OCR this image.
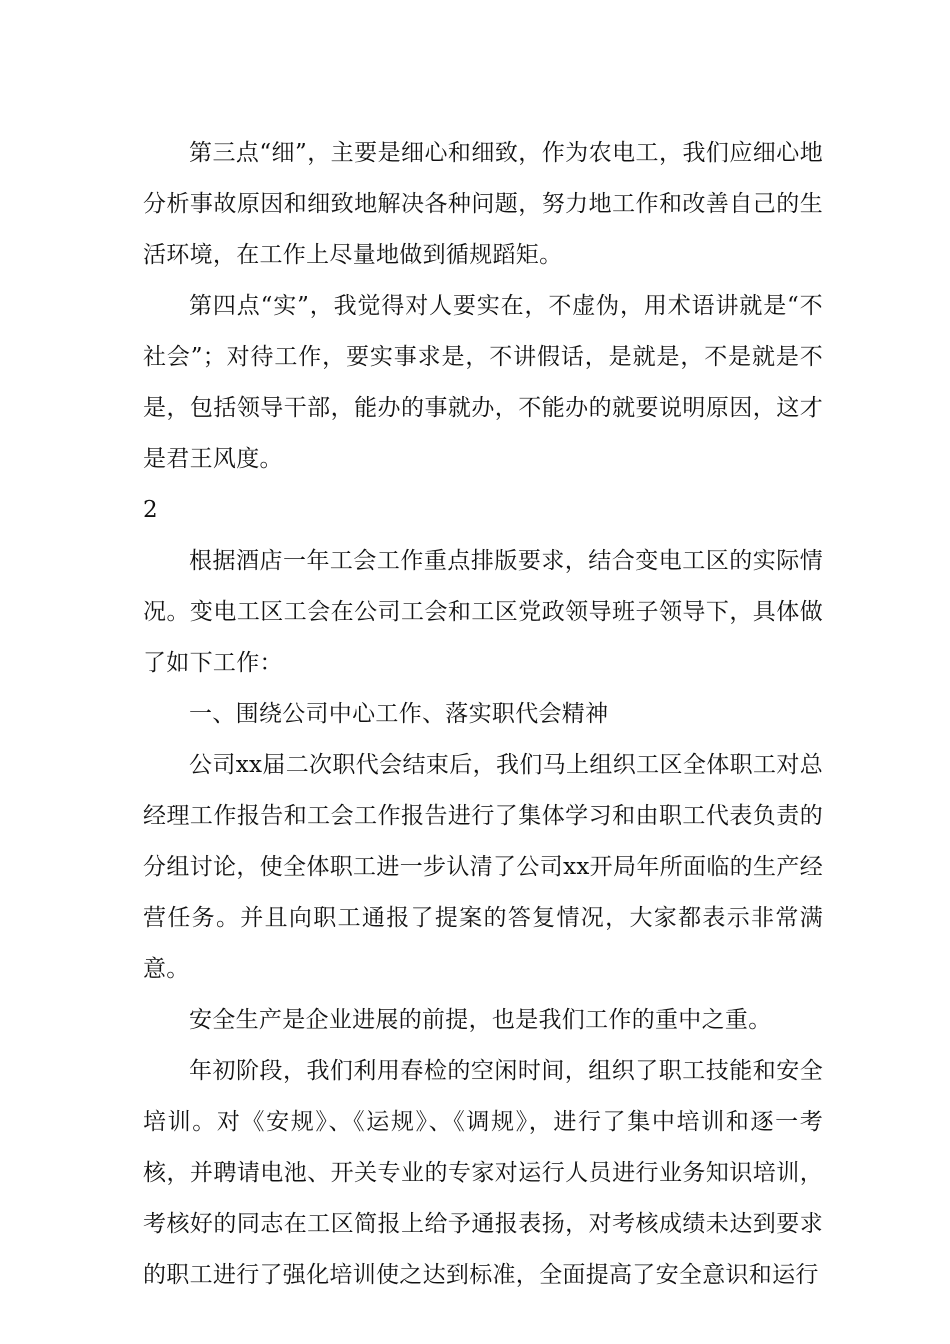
第三点“细”，主要是细心和细致，作为农电工，我们应细心地分析事故原因和细致地解决各种问题，努力地工作和改善自己的生活环境，在工作上尽量地做到循规蹈矩。

第四点“实”，我觉得对人要实在，不虚伪，用术语讲就是“不社会”；对待工作，要实事求是，不讲假话，是就是，不是就是不是，包括领导干部，能办的事就办，不能办的就要说明原因，这才是君王风度。

2

根据酒店一年工会工作重点排版要求，结合变电工区的实际情况。变电工区工会在公司工会和工区党政领导班子领导下，具体做了如下工作：

一、围绕公司中心工作、落实职代会精神

公司xx届二次职代会结束后，我们马上组织工区全体职工对总经理工作报告和工会工作报告进行了集体学习和由职工代表负责的分组讨论，使全体职工进一步认清了公司xx开局年所面临的生产经营任务。并且向职工通报了提案的答复情况，大家都表示非常满意。

安全生产是企业进展的前提，也是我们工作的重中之重。

年初阶段，我们利用春检的空闲时间，组织了职工技能和安全培训。对《安规》、《运规》、《调规》，进行了集中培训和逐一考核，并聘请电池、开关专业的专家对运行人员进行业务知识培训，考核好的同志在工区简报上给予通报表扬，对考核成绩未达到要求的职工进行了强化培训使之达到标准，全面提高了安全意识和运行
